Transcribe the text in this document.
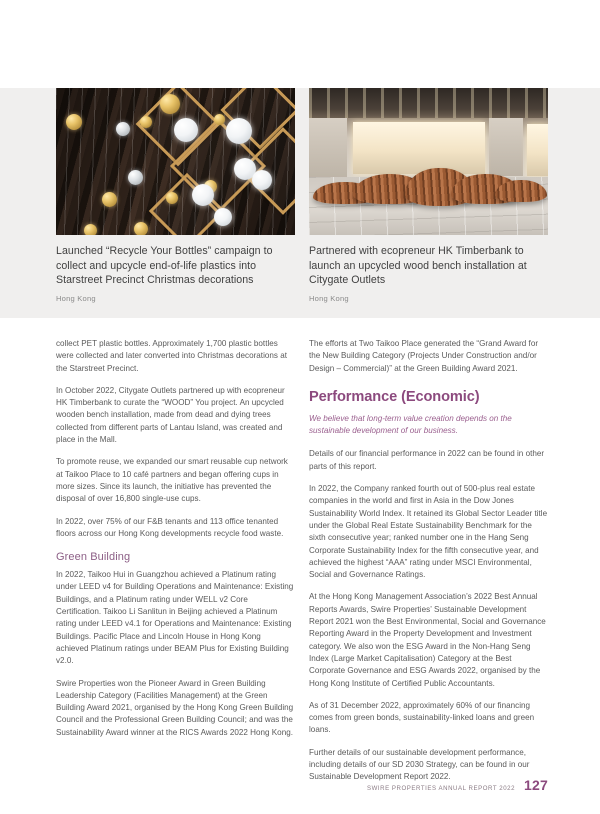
Launched “Recycle Your Bottles” campaign to collect and upcycle end-of-life plastics into Starstreet Precinct Christmas decorations
Hong Kong
Partnered with ecopreneur HK Timberbank to launch an upcycled wood bench installation at Citygate Outlets
Hong Kong

collect PET plastic bottles. Approximately 1,700 plastic bottles were collected and later converted into Christmas decorations at the Starstreet Precinct.

In October 2022, Citygate Outlets partnered up with ecopreneur HK Timberbank to curate the “WOOD” You project. An upcycled wooden bench installation, made from dead and dying trees collected from different parts of Lantau Island, was created and place in the Mall.

To promote reuse, we expanded our smart reusable cup network at Taikoo Place to 10 café partners and began offering cups in more sizes. Since its launch, the initiative has prevented the disposal of over 16,800 single-use cups.

In 2022, over 75% of our F&B tenants and 113 office tenanted floors across our Hong Kong developments recycle food waste.

Green Building

In 2022, Taikoo Hui in Guangzhou achieved a Platinum rating under LEED v4 for Building Operations and Maintenance: Existing Buildings, and a Platinum rating under WELL v2 Core Certification. Taikoo Li Sanlitun in Beijing achieved a Platinum rating under LEED v4.1 for Operations and Maintenance: Existing Buildings. Pacific Place and Lincoln House in Hong Kong achieved Platinum ratings under BEAM Plus for Existing Building v2.0.

Swire Properties won the Pioneer Award in Green Building Leadership Category (Facilities Management) at the Green Building Award 2021, organised by the Hong Kong Green Building Council and the Professional Green Building Council; and was the Sustainability Award winner at the RICS Awards 2022 Hong Kong.

The efforts at Two Taikoo Place generated the “Grand Award for the New Building Category (Projects Under Construction and/or Design – Commercial)” at the Green Building Award 2021.

Performance (Economic)

We believe that long-term value creation depends on the sustainable development of our business.

Details of our financial performance in 2022 can be found in other parts of this report.

In 2022, the Company ranked fourth out of 500-plus real estate companies in the world and first in Asia in the Dow Jones Sustainability World Index. It retained its Global Sector Leader title under the Global Real Estate Sustainability Benchmark for the sixth consecutive year; ranked number one in the Hang Seng Corporate Sustainability Index for the fifth consecutive year, and achieved the highest “AAA” rating under MSCI Environmental, Social and Governance Ratings.

At the Hong Kong Management Association’s 2022 Best Annual Reports Awards, Swire Properties’ Sustainable Development Report 2021 won the Best Environmental, Social and Governance Reporting Award in the Property Development and Investment category. We also won the ESG Award in the Non-Hang Seng Index (Large Market Capitalisation) Category at the Best Corporate Governance and ESG Awards 2022, organised by the Hong Kong Institute of Certified Public Accountants.

As of 31 December 2022, approximately 60% of our financing comes from green bonds, sustainability-linked loans and green loans.

Further details of our sustainable development performance, including details of our SD 2030 Strategy, can be found in our Sustainable Development Report 2022.

SWIRE PROPERTIES ANNUAL REPORT 2022 127
